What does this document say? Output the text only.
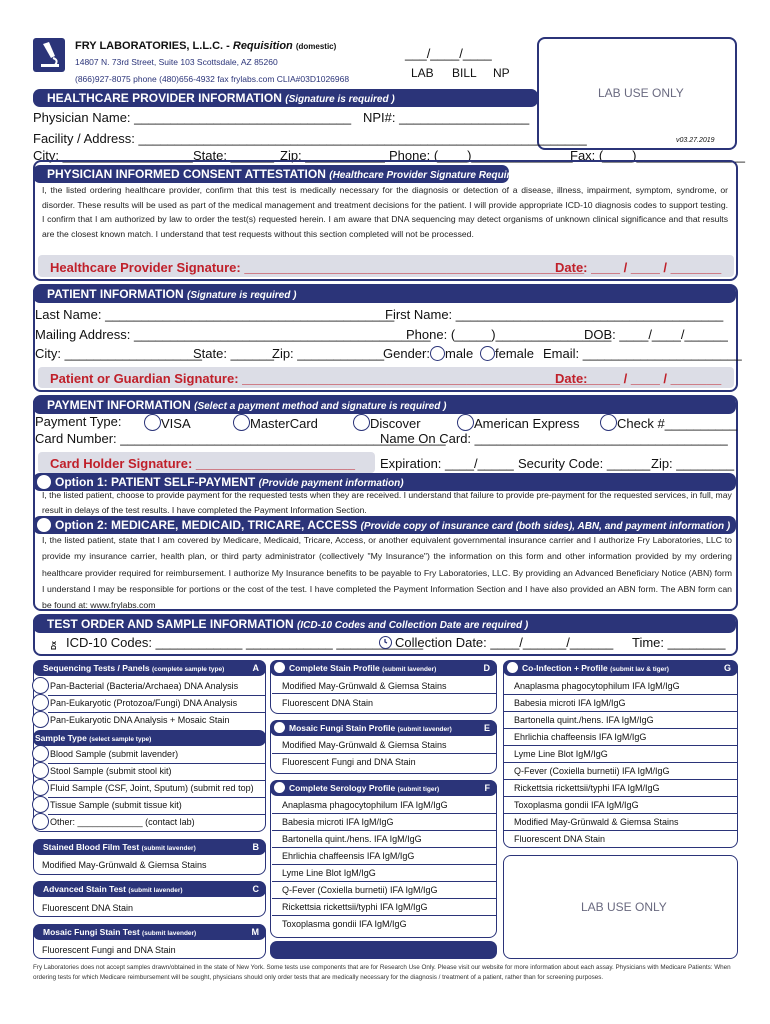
FRY LABORATORIES, L.L.C. - Requisition (domestic)
14807 N. 73rd Street, Suite 103 Scottsdale, AZ 85260
(866)927-8075 phone (480)656-4932 fax frylabs.com CLIA#03D1026968
___/____/____
LAB BILL NP
LAB USE ONLY
v03.27.2019
HEALTHCARE PROVIDER INFORMATION (Signature is required )
Physician Name: ______________________________ NPI#: __________________
Facility / Address: ______________________________________________________________
City: __________________ State: ______ Zip: ___________ Phone: (____)______________
Fax: (____)_______________
PHYSICIAN INFORMED CONSENT ATTESTATION (Healthcare Provider Signature Required )
I, the listed ordering healthcare provider, confirm that this test is medically necessary for the diagnosis or detection of a disease, illness, impairment, symptom, syndrome, or disorder. These results will be used as part of the medical management and treatment decisions for the patient. I will provide appropriate ICD-10 diagnosis codes to support testing. I confirm that I am authorized by law to order the test(s) requested herein. I am aware that DNA sequencing may detect organisms of unknown clinical significance and that results are the closest known match. I understand that test requests without this section completed will not be processed.
Healthcare Provider Signature: _______________________________________________
Date: ____ / ____ / _______
PATIENT INFORMATION (Signature is required )
Last Name: ________________________________________
First Name: _____________________________________
Mailing Address: _________________________________________
Phone: (_____)________________
DOB: ____/____/______
City: ___________________
State: ______
Zip: ____________
Gender:	male	female Email: ______________________
Patient or Guardian Signature: _________________________________________________
Date: ____ / ____ / _______
PAYMENT INFORMATION (Select a payment method and signature is required )
Payment Type:	VISA	MasterCard	Discover	American Express	Check #__________
Card Number: _____________________________________________
Name On Card: ___________________________________
Card Holder Signature: ______________________ Expiration: ____/_____ Security Code: ______ Zip: ________
Option 1: PATIENT SELF-PAYMENT (Provide payment information)
I, the listed patient, choose to provide payment for the requested tests when they are received. I understand that failure to provide pre-payment for the requested services, in full, may result in delays of the test results. I have completed the Payment Information Section.
Option 2: MEDICARE, MEDICAID, TRICARE, ACCESS (Provide copy of insurance card (both sides), ABN, and payment information )
I, the listed patient, state that I am covered by Medicare, Medicaid, Tricare, Access, or another equivalent governmental insurance carrier and I authorize Fry Laboratories, LLC to provide my insurance carrier, health plan, or third party administrator (collectively "My Insurance") the information on this form and other information provided by my ordering healthcare provider required for reimbursement. I authorize My Insurance benefits to be payable to Fry Laboratories, LLC. By providing an Advanced Beneficiary Notice (ABN) form I understand I may be responsible for portions or the cost of the test. I have completed the Payment Information Section and I have also provided an ABN form. The ABN form can be found at: www.frylabs.com
TEST ORDER AND SAMPLE INFORMATION (ICD-10 Codes and Collection Date are required )
Dx ICD-10 Codes: ____________ ____________ ____________
Collection Date: ____/______/______ Time: ________
Sequencing Tests / Panels (complete sample type)	A
Pan-Bacterial (Bacteria/Archaea) DNA Analysis
Pan-Eukaryotic (Protozoa/Fungi) DNA Analysis
Pan-Eukaryotic DNA Analysis + Mosaic Stain
Sample Type (select sample type)
Blood Sample (submit lavender)
Stool Sample (submit stool kit)
Fluid Sample (CSF, Joint, Sputum) (submit red top)
Tissue Sample (submit tissue kit)
Other: _____________ (contact lab)
Stained Blood Film Test (submit lavender)	B
Modified May-Grünwald & Giemsa Stains
Advanced Stain Test (submit lavender)	C
Fluorescent DNA Stain
Mosaic Fungi Stain Test (submit lavender)	M
Fluorescent Fungi and DNA Stain
Complete Stain Profile (submit lavender)	D
Modified May-Grünwald & Giemsa Stains
Fluorescent DNA Stain
Mosaic Fungi Stain Profile (submit lavender)	E
Modified May-Grünwald & Giemsa Stains
Fluorescent Fungi and DNA Stain
Complete Serology Profile (submit tiger)	F
Anaplasma phagocytophilum IFA IgM/IgG
Babesia microti IFA IgM/IgG
Bartonella quint./hens. IFA IgM/IgG
Ehrlichia chaffeensis IFA IgM/IgG
Lyme Line Blot IgM/IgG
Q-Fever (Coxiella burnetii) IFA IgM/IgG
Rickettsia rickettsii/typhi IFA IgM/IgG
Toxoplasma gondii IFA IgM/IgG
Co-Infection + Profile (submit lav & tiger)	G
Anaplasma phagocytophilum IFA IgM/IgG
Babesia microti IFA IgM/IgG
Bartonella quint./hens. IFA IgM/IgG
Ehrlichia chaffeensis IFA IgM/IgG
Lyme Line Blot IgM/IgG
Q-Fever (Coxiella burnetii) IFA IgM/IgG
Rickettsia rickettsii/typhi IFA IgM/IgG
Toxoplasma gondii IFA IgM/IgG
Modified May-Grünwald & Giemsa Stains
Fluorescent DNA Stain
LAB USE ONLY
Fry Laboratories does not accept samples drawn/obtained in the state of New York. Some tests use components that are for Research Use Only. Please visit our website for more information about each assay. Physicians with Medicare Patients: When ordering tests for which Medicare reimbursement will be sought, physicians should only order tests that are medically necessary for the diagnosis / treatment of a patient, rather than for screening purposes.
